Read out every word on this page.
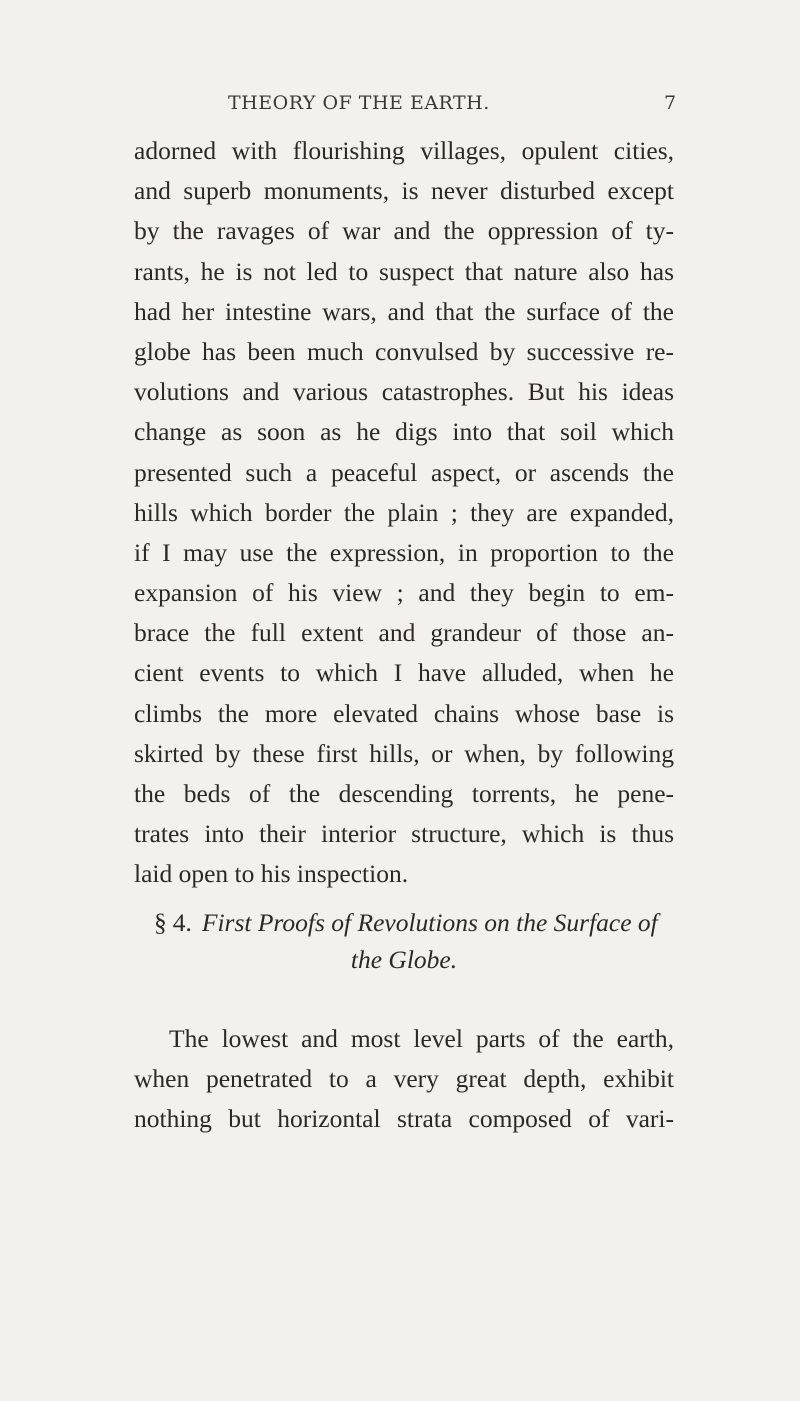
THEORY OF THE EARTH.	7
adorned with flourishing villages, opulent cities,
and superb monuments, is never disturbed except
by the ravages of war and the oppression of ty-
rants, he is not led to suspect that nature also has
had her intestine wars, and that the surface of the
globe has been much convulsed by successive re-
volutions and various catastrophes. But his ideas
change as soon as he digs into that soil which
presented such a peaceful aspect, or ascends the
hills which border the plain ; they are expanded,
if I may use the expression, in proportion to the
expansion of his view ; and they begin to em-
brace the full extent and grandeur of those an-
cient events to which I have alluded, when he
climbs the more elevated chains whose base is
skirted by these first hills, or when, by following
the beds of the descending torrents, he pene-
trates into their interior structure, which is thus
laid open to his inspection.
§ 4. First Proofs of Revolutions on the Surface of
the Globe.
The lowest and most level parts of the earth,
when penetrated to a very great depth, exhibit
nothing but horizontal strata composed of vari-
